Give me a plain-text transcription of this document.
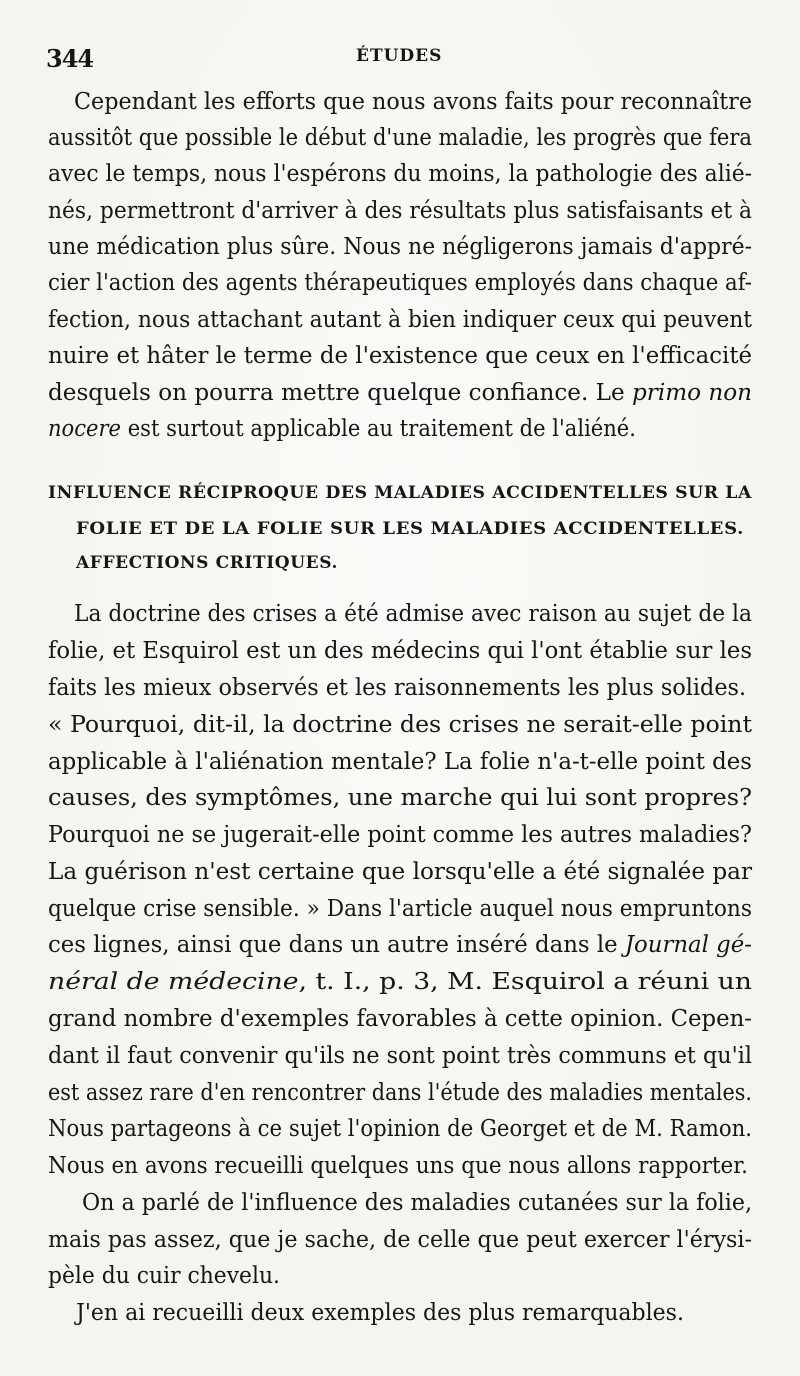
344	ÉTUDES
Cependant les efforts que nous avons faits pour reconnaître
aussitôt que possible le début d'une maladie, les progrès que fera
avec le temps, nous l'espérons du moins, la pathologie des alié-
nés, permettront d'arriver à des résultats plus satisfaisants et à
une médication plus sûre. Nous ne négligerons jamais d'appré-
cier l'action des agents thérapeutiques employés dans chaque af-
fection, nous attachant autant à bien indiquer ceux qui peuvent
nuire et hâter le terme de l'existence que ceux en l'efficacité
desquels on pourra mettre quelque confiance. Le primo non
nocere est surtout applicable au traitement de l'aliéné.
INFLUENCE RÉCIPROQUE DES MALADIES ACCIDENTELLES SUR LA
FOLIE ET DE LA FOLIE SUR LES MALADIES ACCIDENTELLES.
AFFECTIONS CRITIQUES.
La doctrine des crises a été admise avec raison au sujet de la
folie, et Esquirol est un des médecins qui l'ont établie sur les
faits les mieux observés et les raisonnements les plus solides.
« Pourquoi, dit-il, la doctrine des crises ne serait-elle point
applicable à l'aliénation mentale? La folie n'a-t-elle point des
causes, des symptômes, une marche qui lui sont propres?
Pourquoi ne se jugerait-elle point comme les autres maladies?
La guérison n'est certaine que lorsqu'elle a été signalée par
quelque crise sensible. » Dans l'article auquel nous empruntons
ces lignes, ainsi que dans un autre inséré dans le Journal gé-
néral de médecine, t. I., p. 3, M. Esquirol a réuni un
grand nombre d'exemples favorables à cette opinion. Cepen-
dant il faut convenir qu'ils ne sont point très communs et qu'il
est assez rare d'en rencontrer dans l'étude des maladies mentales.
Nous partageons à ce sujet l'opinion de Georget et de M. Ramon.
Nous en avons recueilli quelques uns que nous allons rapporter.
On a parlé de l'influence des maladies cutanées sur la folie,
mais pas assez, que je sache, de celle que peut exercer l'érysi-
pèle du cuir chevelu.
J'en ai recueilli deux exemples des plus remarquables.
